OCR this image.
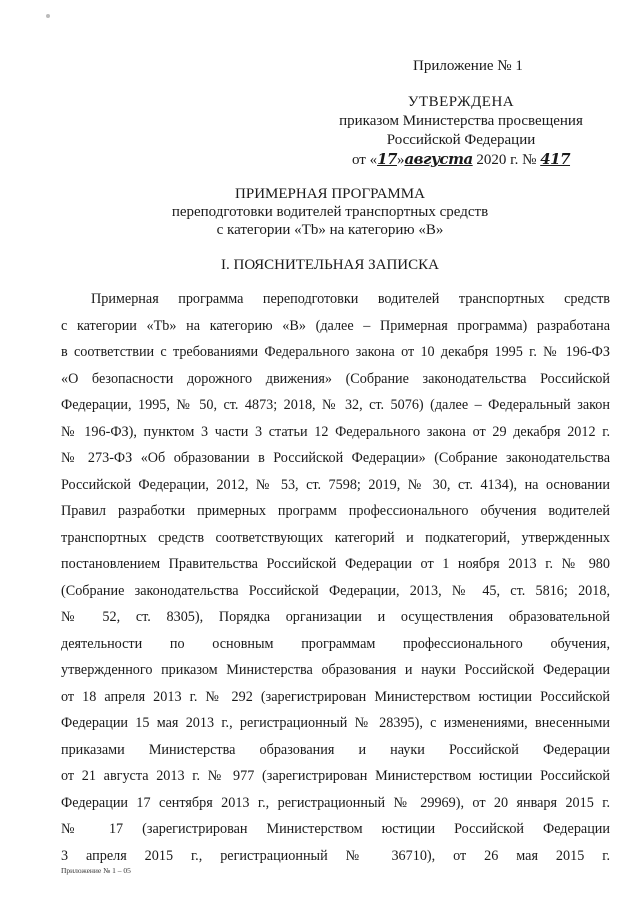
Приложение № 1
УТВЕРЖДЕНА
приказом Министерства просвещения
Российской Федерации
от «17»августа 2020 г. № 417
ПРИМЕРНАЯ ПРОГРАММА
переподготовки водителей транспортных средств
с категории «Tb» на категорию «B»
I. ПОЯСНИТЕЛЬНАЯ ЗАПИСКА
Примерная программа переподготовки водителей транспортных средств
с категории «Tb» на категорию «B» (далее – Примерная программа) разработана
в соответствии с требованиями Федерального закона от 10 декабря 1995 г. № 196-ФЗ
«О безопасности дорожного движения» (Собрание законодательства Российской
Федерации, 1995, № 50, ст. 4873; 2018, № 32, ст. 5076) (далее – Федеральный закон
№ 196-ФЗ), пунктом 3 части 3 статьи 12 Федерального закона от 29 декабря 2012 г.
№ 273-ФЗ «Об образовании в Российской Федерации» (Собрание законодательства
Российской Федерации, 2012, № 53, ст. 7598; 2019, № 30, ст. 4134), на основании
Правил разработки примерных программ профессионального обучения водителей
транспортных средств соответствующих категорий и подкатегорий, утвержденных
постановлением Правительства Российской Федерации от 1 ноября 2013 г. № 980
(Собрание законодательства Российской Федерации, 2013, № 45, ст. 5816; 2018,
№ 52, ст. 8305), Порядка организации и осуществления образовательной
деятельности по основным программам профессионального обучения,
утвержденного приказом Министерства образования и науки Российской Федерации
от 18 апреля 2013 г. № 292 (зарегистрирован Министерством юстиции Российской
Федерации 15 мая 2013 г., регистрационный № 28395), с изменениями, внесенными
приказами Министерства образования и науки Российской Федерации
от 21 августа 2013 г. № 977 (зарегистрирован Министерством юстиции Российской
Федерации 17 сентября 2013 г., регистрационный № 29969), от 20 января 2015 г.
№ 17 (зарегистрирован Министерством юстиции Российской Федерации
3 апреля 2015 г., регистрационный № 36710), от 26 мая 2015 г.
Приложение № 1 – 05
